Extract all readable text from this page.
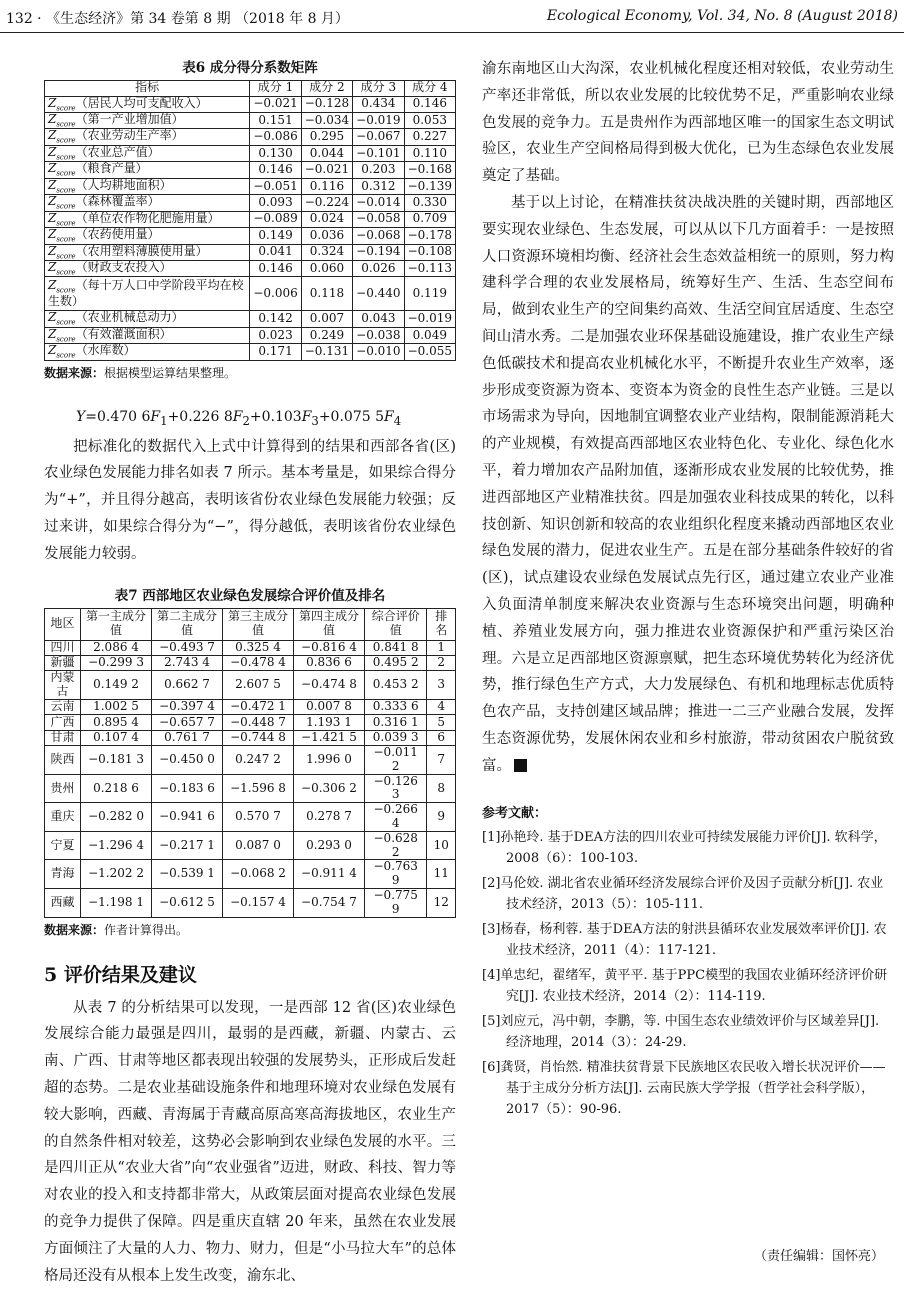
132 · 《生态经济》第 34 卷第 8 期 （2018 年 8 月）	Ecological Economy, Vol. 34, No. 8 (August 2018)
表6 成分得分系数矩阵
指标	成分 1	成分 2	成分 3	成分 4
$Z_{score}$（居民人均可支配收入）	−0.021	−0.128	0.434	0.146
$Z_{score}$（第一产业增加值）	0.151	−0.034	−0.019	0.053
$Z_{score}$（农业劳动生产率）	−0.086	0.295	−0.067	0.227
$Z_{score}$（农业总产值）	0.130	0.044	−0.101	0.110
$Z_{score}$（粮食产量）	0.146	−0.021	0.203	−0.168
$Z_{score}$（人均耕地面积）	−0.051	0.116	0.312	−0.139
$Z_{score}$（森林覆盖率）	0.093	−0.224	−0.014	0.330
$Z_{score}$（单位农作物化肥施用量）	−0.089	0.024	−0.058	0.709
$Z_{score}$（农药使用量）	0.149	0.036	−0.068	−0.178
$Z_{score}$（农用塑料薄膜使用量）	0.041	0.324	−0.194	−0.108
$Z_{score}$（财政支农投入）	0.146	0.060	0.026	−0.113
$Z_{score}$（每十万人口中学阶段平均在校生数）	−0.006	0.118	−0.440	0.119
$Z_{score}$（农业机械总动力）	0.142	0.007	0.043	−0.019
$Z_{score}$（有效灌溉面积）	0.023	0.249	−0.038	0.049
$Z_{score}$（水库数）	0.171	−0.131	−0.010	−0.055
数据来源：根据模型运算结果整理。
Y=0.470 $6F_1+0.226$ $8F_2+0.103F_3+0.075$ $5F_4$

把标准化的数据代入上式中计算得到的结果和西部各省(区)农业绿色发展能力排名如表 7 所示。基本考量是，如果综合得分为“+”，并且得分越高，表明该省份农业绿色发展能力较强；反过来讲，如果综合得分为“−”，得分越低，表明该省份农业绿色发展能力较弱。

表7 西部地区农业绿色发展综合评价值及排名
地区	第一主成分值	第二主成分值	第三主成分值	第四主成分值	综合评价值	排名
四川	2.086 4	−0.493 7	0.325 4	−0.816 4	0.841 8	1
新疆	−0.299 3	2.743 4	−0.478 4	0.836 6	0.495 2	2
内蒙古	0.149 2	0.662 7	2.607 5	−0.474 8	0.453 2	3
云南	1.002 5	−0.397 4	−0.472 1	0.007 8	0.333 6	4
广西	0.895 4	−0.657 7	−0.448 7	1.193 1	0.316 1	5
甘肃	0.107 4	0.761 7	−0.744 8	−1.421 5	0.039 3	6
陕西	−0.181 3	−0.450 0	0.247 2	1.996 0	−0.011 2	7
贵州	0.218 6	−0.183 6	−1.596 8	−0.306 2	−0.126 3	8
重庆	−0.282 0	−0.941 6	0.570 7	0.278 7	−0.266 4	9
宁夏	−1.296 4	−0.217 1	0.087 0	0.293 0	−0.628 2	10
青海	−1.202 2	−0.539 1	−0.068 2	−0.911 4	−0.763 9	11
西藏	−1.198 1	−0.612 5	−0.157 4	−0.754 7	−0.775 9	12
数据来源：作者计算得出。
5 评价结果及建议

从表 7 的分析结果可以发现，一是西部 12 省(区)农业绿色发展综合能力最强是四川，最弱的是西藏，新疆、内蒙古、云南、广西、甘肃等地区都表现出较强的发展势头，正形成后发赶超的态势。二是农业基础设施条件和地理环境对农业绿色发展有较大影响，西藏、青海属于青藏高原高寒高海拔地区，农业生产的自然条件相对较差，这势必会影响到农业绿色发展的水平。三是四川正从“农业大省”向“农业强省”迈进，财政、科技、智力等对农业的投入和支持都非常大，从政策层面对提高农业绿色发展的竞争力提供了保障。四是重庆直辖 20 年来，虽然在农业发展方面倾注了大量的人力、物力、财力，但是“小马拉大车”的总体格局还没有从根本上发生改变，渝东北、

渝东南地区山大沟深，农业机械化程度还相对较低，农业劳动生产率还非常低，所以农业发展的比较优势不足，严重影响农业绿色发展的竞争力。五是贵州作为西部地区唯一的国家生态文明试验区，农业生产空间格局得到极大优化，已为生态绿色农业发展奠定了基础。

基于以上讨论，在精准扶贫决战决胜的关键时期，西部地区要实现农业绿色、生态发展，可以从以下几方面着手：一是按照人口资源环境相均衡、经济社会生态效益相统一的原则，努力构建科学合理的农业发展格局，统筹好生产、生活、生态空间布局，做到农业生产的空间集约高效、生活空间宜居适度、生态空间山清水秀。二是加强农业环保基础设施建设，推广农业生产绿色低碳技术和提高农业机械化水平，不断提升农业生产效率，逐步形成变资源为资本、变资本为资金的良性生态产业链。三是以市场需求为导向，因地制宜调整农业产业结构，限制能源消耗大的产业规模，有效提高西部地区农业特色化、专业化、绿色化水平，着力增加农产品附加值，逐渐形成农业发展的比较优势，推进西部地区产业精准扶贫。四是加强农业科技成果的转化，以科技创新、知识创新和较高的农业组织化程度来撬动西部地区农业绿色发展的潜力，促进农业生产。五是在部分基础条件较好的省(区)，试点建设农业绿色发展试点先行区，通过建立农业产业准入负面清单制度来解决农业资源与生态环境突出问题，明确种植、养殖业发展方向，强力推进农业资源保护和严重污染区治理。六是立足西部地区资源禀赋，把生态环境优势转化为经济优势，推行绿色生产方式，大力发展绿色、有机和地理标志优质特色农产品，支持创建区域品牌；推进一二三产业融合发展，发挥生态资源优势，发展休闲农业和乡村旅游，带动贫困农户脱贫致富。	e

参考文献：

[1]孙艳玲. 基于DEA方法的四川农业可持续发展能力评价[J]. 软科学，2008（6）：100-103.

[2]马伦姣. 湖北省农业循环经济发展综合评价及因子贡献分析[J]. 农业技术经济，2013（5）：105-111.

[3]杨春，杨利蓉. 基于DEA方法的射洪县循环农业发展效率评价[J]. 农业技术经济，2011（4）：117-121.

[4]单忠纪，翟绪军，黄平平. 基于PPC模型的我国农业循环经济评价研究[J]. 农业技术经济，2014（2）：114-119.

[5]刘应元，冯中朝，李鹏，等. 中国生态农业绩效评价与区域差异[J]. 经济地理，2014（3）：24-29.

[6]龚贤，肖怡然. 精准扶贫背景下民族地区农民收入增长状况评价——基于主成分分析方法[J]. 云南民族大学学报（哲学社会科学版），2017（5）：90-96.

（责任编辑：国怀亮）
